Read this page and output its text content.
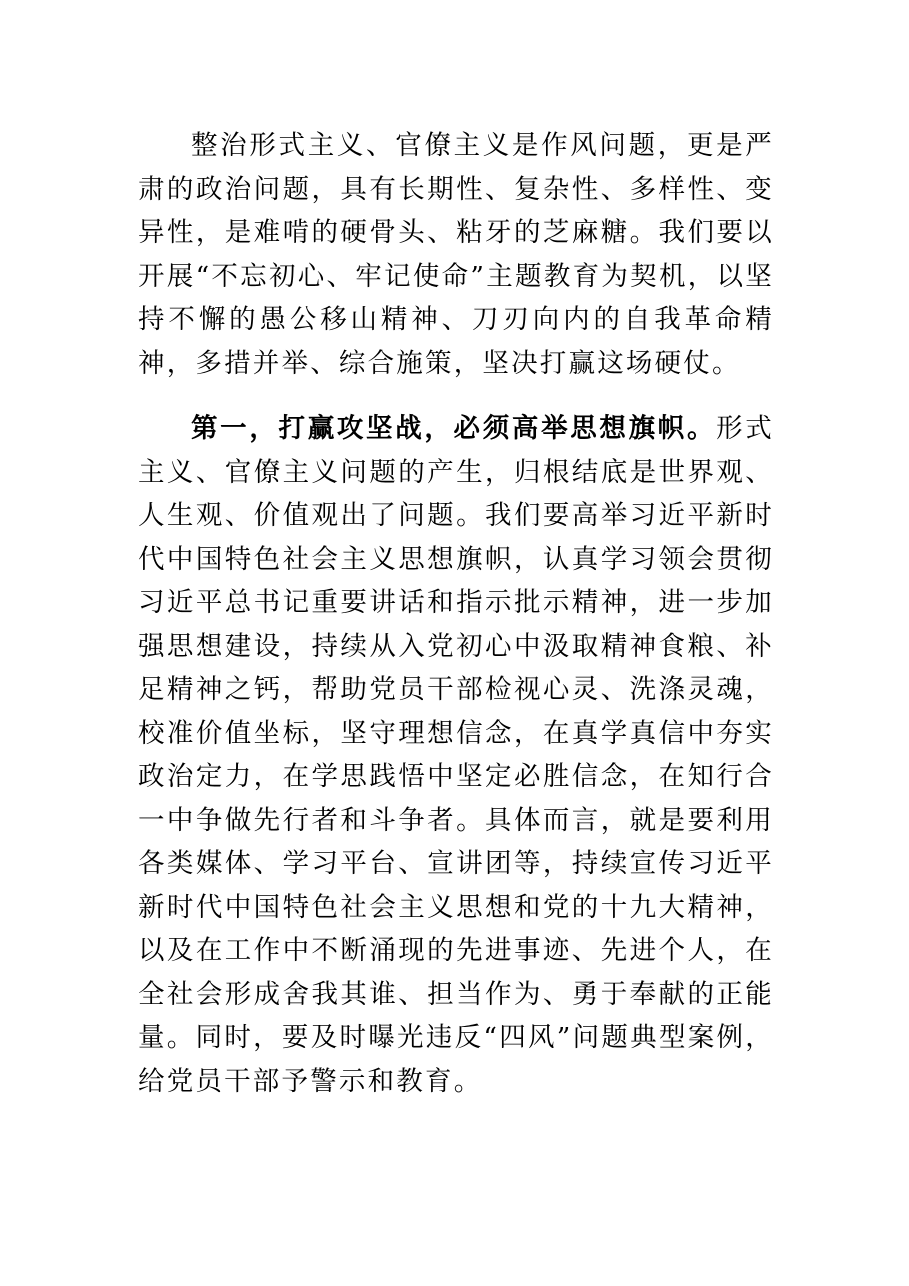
整治形式主义、官僚主义是作风问题，更是严肃的政治问题，具有长期性、复杂性、多样性、变异性，是难啃的硬骨头、粘牙的芝麻糖。我们要以开展“不忘初心、牢记使命”主题教育为契机，以坚持不懈的愚公移山精神、刀刃向内的自我革命精神，多措并举、综合施策，坚决打赢这场硬仗。

第一，打赢攻坚战，必须高举思想旗帜。形式主义、官僚主义问题的产生，归根结底是世界观、人生观、价值观出了问题。我们要高举习近平新时代中国特色社会主义思想旗帜，认真学习领会贯彻习近平总书记重要讲话和指示批示精神，进一步加强思想建设，持续从入党初心中汲取精神食粮、补足精神之钙，帮助党员干部检视心灵、洗涤灵魂，校准价值坐标，坚守理想信念，在真学真信中夯实政治定力，在学思践悟中坚定必胜信念，在知行合一中争做先行者和斗争者。具体而言，就是要利用各类媒体、学习平台、宣讲团等，持续宣传习近平新时代中国特色社会主义思想和党的十九大精神，以及在工作中不断涌现的先进事迹、先进个人，在全社会形成舍我其谁、担当作为、勇于奉献的正能量。同时，要及时曝光违反“四风”问题典型案例，给党员干部予警示和教育。
